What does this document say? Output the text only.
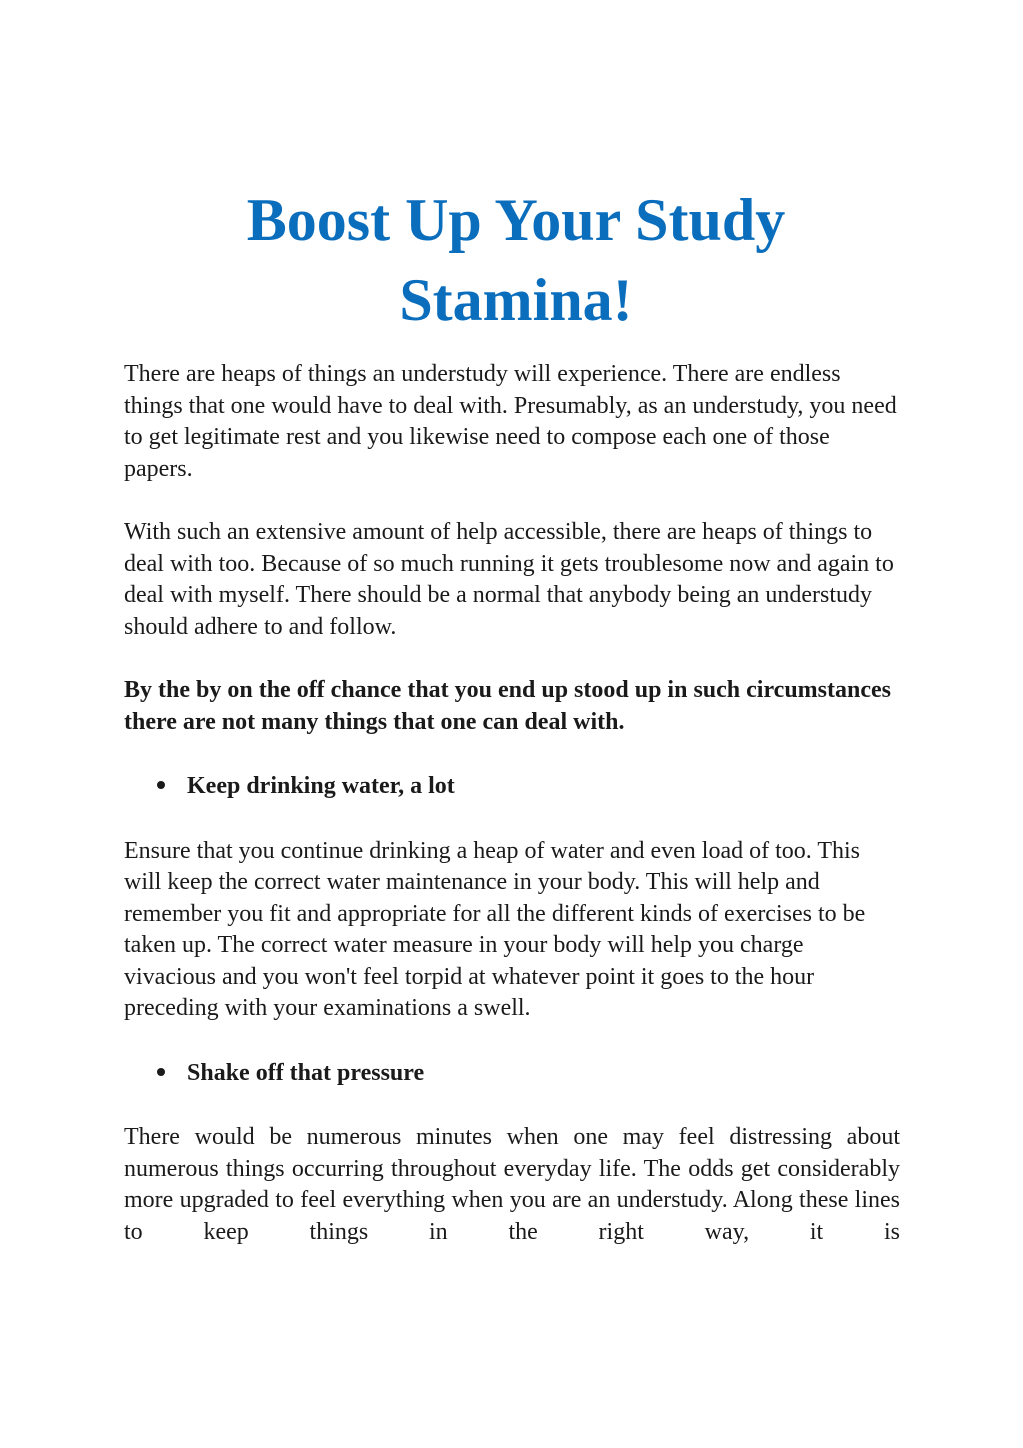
Boost Up Your Study
Stamina!

There are heaps of things an understudy will experience. There are endless things that one would have to deal with. Presumably, as an understudy, you need to get legitimate rest and you likewise need to compose each one of those papers.

With such an extensive amount of help accessible, there are heaps of things to deal with too. Because of so much running it gets troublesome now and again to deal with myself. There should be a normal that anybody being an understudy should adhere to and follow.

By the by on the off chance that you end up stood up in such circumstances there are not many things that one can deal with.

Keep drinking water, a lot

Ensure that you continue drinking a heap of water and even load of too. This will keep the correct water maintenance in your body. This will help and remember you fit and appropriate for all the different kinds of exercises to be taken up. The correct water measure in your body will help you charge vivacious and you won't feel torpid at whatever point it goes to the hour preceding with your examinations a swell.

Shake off that pressure

There would be numerous minutes when one may feel distressing about numerous things occurring throughout everyday life. The odds get considerably more upgraded to feel everything when you are an understudy. Along these lines to keep things in the right way, it is
